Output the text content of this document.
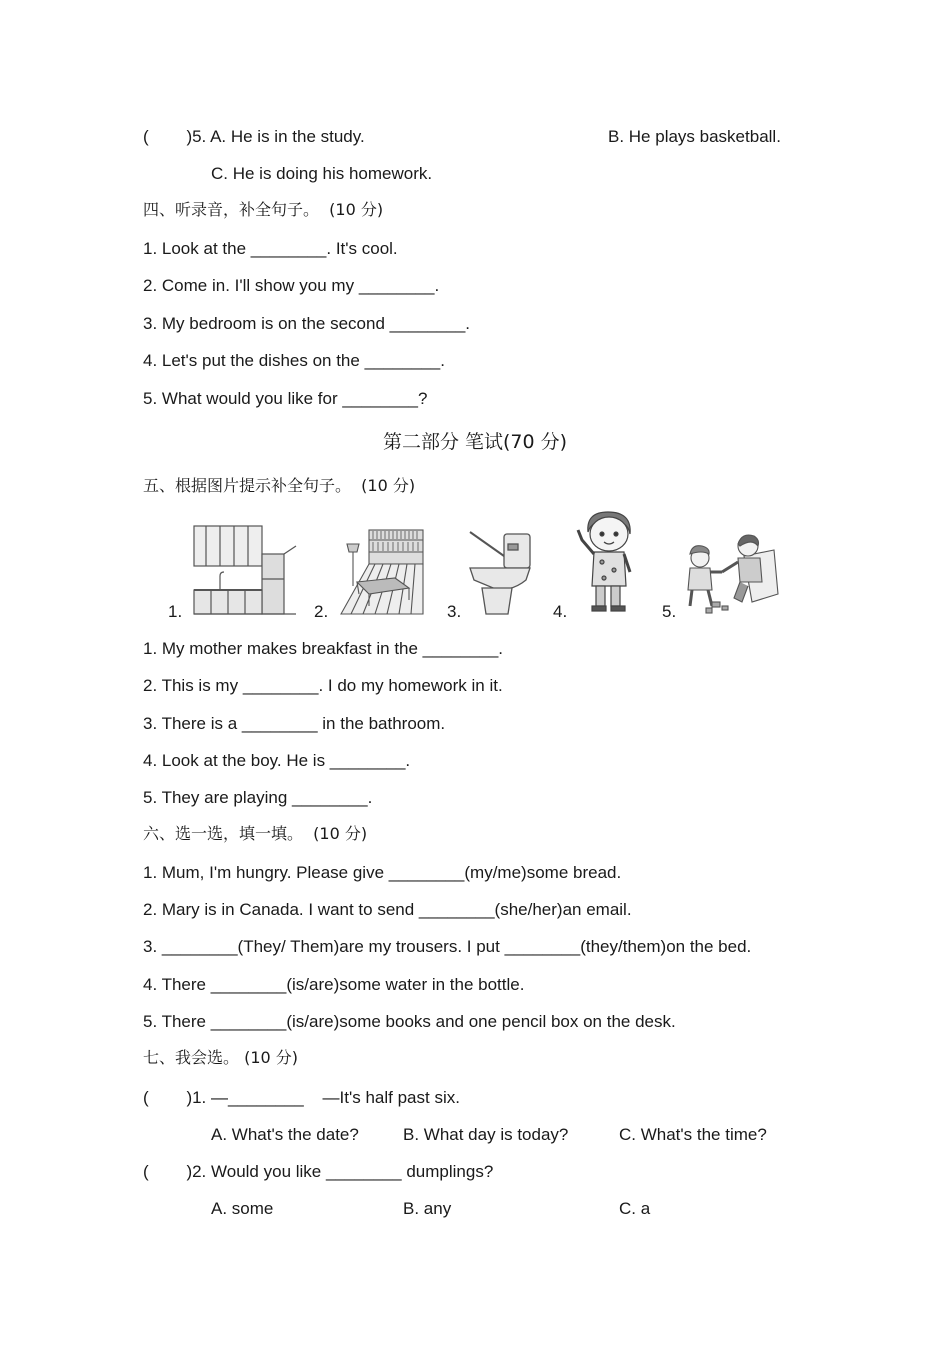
(        )5. A. He is in the study.	B. He plays basketball.
C. He is doing his homework.
四、听录音，补全句子。  (10 分)
1. Look at the ________. It's cool.
2. Come in. I'll show you my ________.
3. My bedroom is on the second ________.
4. Let's put the dishes on the ________.
5. What would you like for ________?
第二部分 笔试(70 分)
五、根据图片提示补全句子。  (10 分)
1.	2.	3.	4.	5.
1. My mother makes breakfast in the ________.
2. This is my ________. I do my homework in it.
3. There is a ________ in the bathroom.
4. Look at the boy. He is ________.
5. They are playing ________.
六、选一选，填一填。  (10 分)
1. Mum, I'm hungry. Please give ________(my/me)some bread.
2. Mary is in Canada. I want to send ________(she/her)an email.
3. ________(They/ Them)are my trousers. I put ________(they/them)on the bed.
4. There ________(is/are)some water in the bottle.
5. There ________(is/are)some books and one pencil box on the desk.
七、我会选。 (10 分)
(        )1. —________    —It's half past six.
A. What's the date?	B. What day is today?	C. What's the time?
(        )2. Would you like ________ dumplings?
A. some	B. any	C. a
